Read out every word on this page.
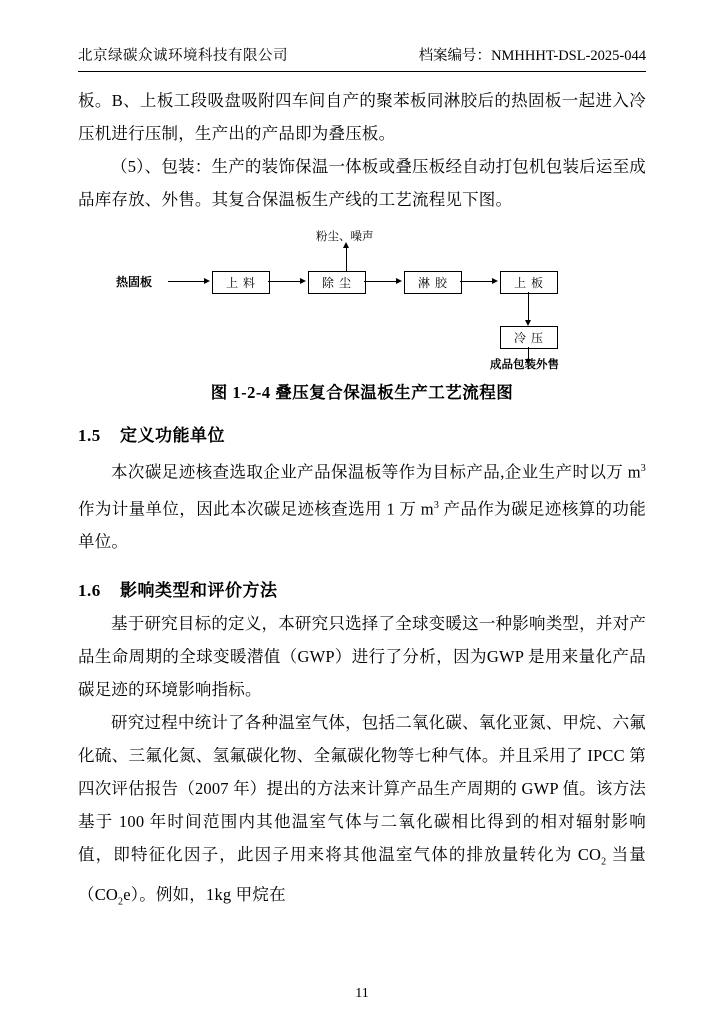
北京绿碳众诚环境科技有限公司	档案编号：NMHHHT-DSL-2025-044

板。B、上板工段吸盘吸附四车间自产的聚苯板同淋胶后的热固板一起进入冷压机进行压制，生产出的产品即为叠压板。

（5）、包装：生产的装饰保温一体板或叠压板经自动打包机包装后运至成品库存放、外售。其复合保温板生产线的工艺流程见下图。

粉尘、噪声
热固板	上 料	除 尘	淋 胶	上 板
冷 压
成品包装外售
图 1-2-4 叠压复合保温板生产工艺流程图
1.5 定义功能单位

本次碳足迹核查选取企业产品保温板等作为目标产品,企业生产时以万 $m^3$ 作为计量单位，因此本次碳足迹核查选用 1 万 $m^3$ 产品作为碳足迹核算的功能单位。

1.6 影响类型和评价方法

基于研究目标的定义，本研究只选择了全球变暖这一种影响类型，并对产品生命周期的全球变暖潜值（GWP）进行了分析，因为GWP 是用来量化产品碳足迹的环境影响指标。

研究过程中统计了各种温室气体，包括二氧化碳、氧化亚氮、甲烷、六氟化硫、三氟化氮、氢氟碳化物、全氟碳化物等七种气体。并且采用了 IPCC 第四次评估报告（2007 年）提出的方法来计算产品生产周期的 GWP 值。该方法基于 100 年时间范围内其他温室气体与二氧化碳相比得到的相对辐射影响值，即特征化因子，此因子用来将其他温室气体的排放量转化为 $CO_2$ 当量$(CO_2e)$。例如，1kg 甲烷在

11
